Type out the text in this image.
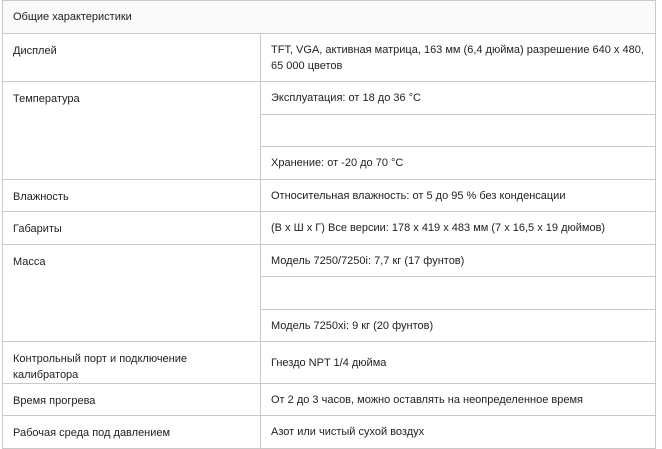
Общие характеристики	
Дисплей	TFT, VGA, активная матрица, 163 мм (6,4 дюйма) разрешение 640 x 480, 65 000 цветов
Температура	Эксплуатация: от 18 до 36 °C

	Хранение: от -20 до 70 °C
Влажность	Относительная влажность: от 5 до 95 % без конденсации
Габариты	(В x Ш x Г) Все версии: 178 x 419 x 483 мм (7 x 16,5 x 19 дюймов)
Масса	Модель 7250/7250i: 7,7 кг (17 фунтов)

	Модель 7250xi: 9 кг (20 фунтов)
Контрольный порт и подключение калибратора	Гнездо NPT 1/4 дюйма
Время прогрева	От 2 до 3 часов, можно оставлять на неопределенное время
Рабочая среда под давлением	Азот или чистый сухой воздух
